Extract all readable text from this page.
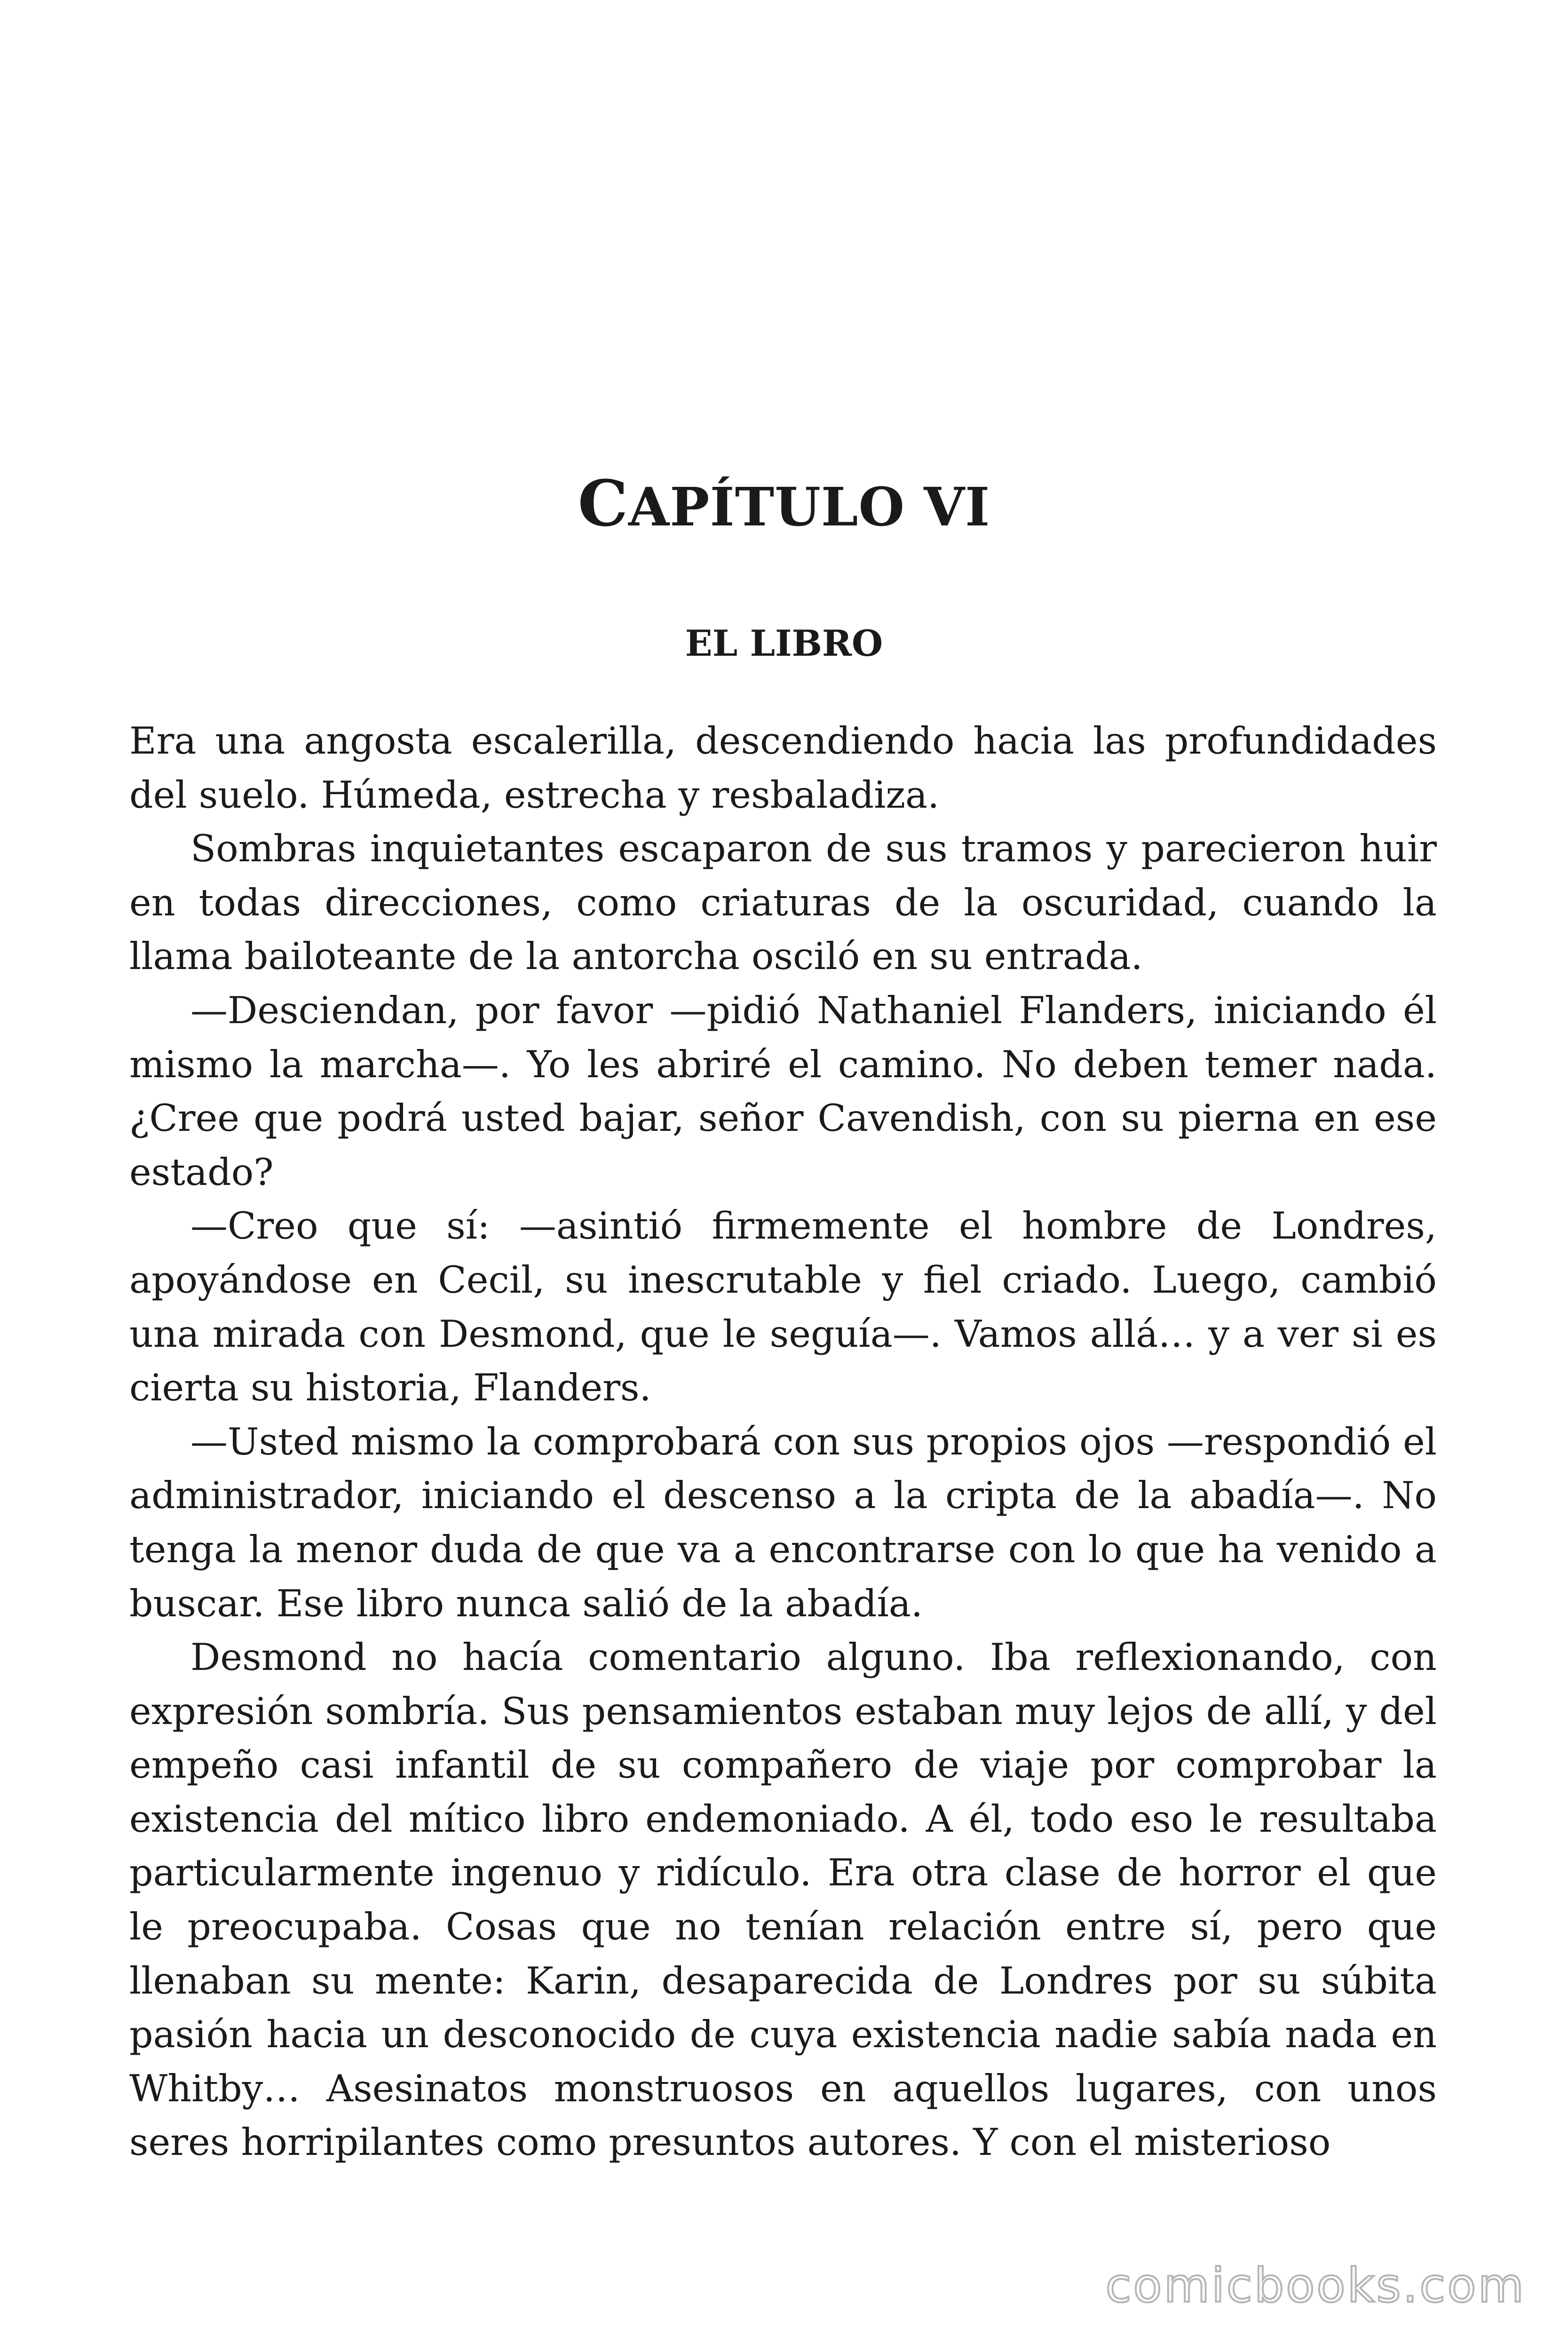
CAPÍTULO VI
EL LIBRO

Era una angosta escalerilla, descendiendo hacia las profundidades del suelo. Húmeda, estrecha y resbaladiza.

Sombras inquietantes escaparon de sus tramos y parecieron huir en todas direcciones, como criaturas de la oscuridad, cuando la llama bailoteante de la antorcha osciló en su entrada.

—Desciendan, por favor —pidió Nathaniel Flanders, iniciando él mismo la marcha—. Yo les abriré el camino. No deben temer nada. ¿Cree que podrá usted bajar, señor Cavendish, con su pierna en ese estado?

—Creo que sí: —asintió firmemente el hombre de Londres, apoyándose en Cecil, su inescrutable y fiel criado. Luego, cambió una mirada con Desmond, que le seguía—. Vamos allá… y a ver si es cierta su historia, Flanders.

—Usted mismo la comprobará con sus propios ojos —respondió el administrador, iniciando el descenso a la cripta de la abadía—. No tenga la menor duda de que va a encontrarse con lo que ha venido a buscar. Ese libro nunca salió de la abadía.

Desmond no hacía comentario alguno. Iba reflexionando, con expresión sombría. Sus pensamientos estaban muy lejos de allí, y del empeño casi infantil de su compañero de viaje por comprobar la existencia del mítico libro endemoniado. A él, todo eso le resultaba particularmente ingenuo y ridículo. Era otra clase de horror el que le preocupaba. Cosas que no tenían relación entre sí, pero que llenaban su mente: Karin, desaparecida de Londres por su súbita pasión hacia un desconocido de cuya existencia nadie sabía nada en Whitby… Asesinatos monstruosos en aquellos lugares, con unos seres horripilantes como presuntos autores. Y con el misterioso

comicbooks.com
